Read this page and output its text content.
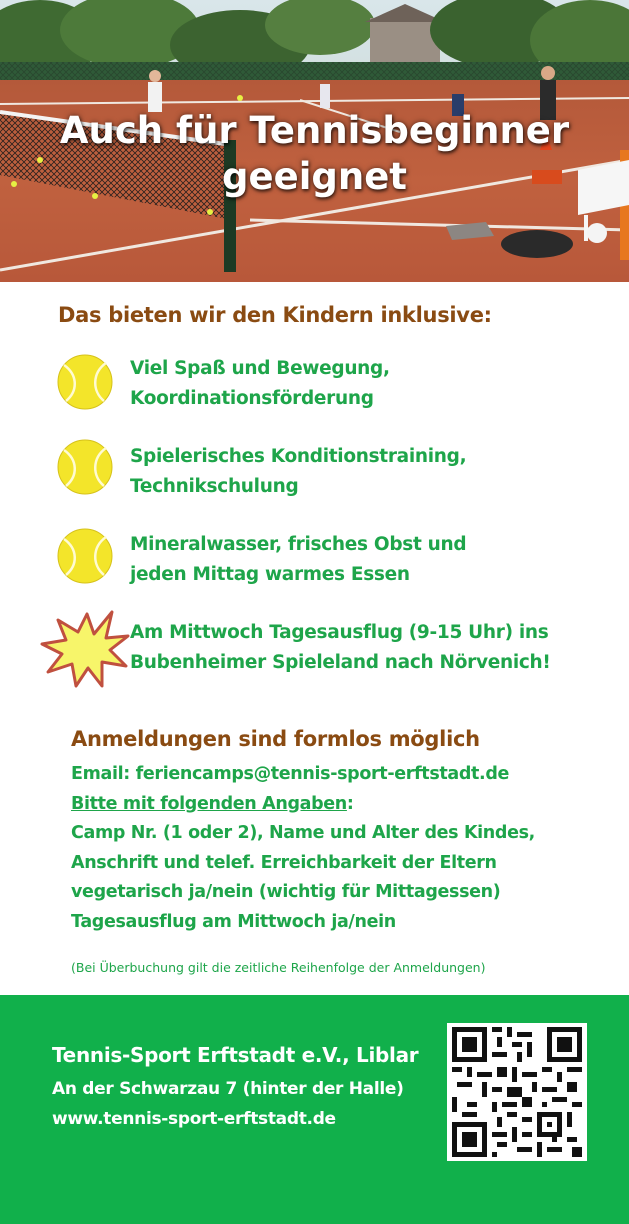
Auch für Tennisbeginner
geeignet
Das bieten wir den Kindern inklusive:
Viel Spaß und Bewegung,
Koordinationsförderung
Spielerisches Konditionstraining,
Technikschulung
Mineralwasser, frisches Obst und
jeden Mittag warmes Essen
Am Mittwoch Tagesausflug (9-15 Uhr) ins
Bubenheimer Spieleland nach Nörvenich!
Anmeldungen sind formlos möglich
Email: feriencamps@tennis-sport-erftstadt.de
Bitte mit folgenden Angaben:
Camp Nr. (1 oder 2), Name und Alter des Kindes,
Anschrift und telef. Erreichbarkeit der Eltern
vegetarisch ja/nein (wichtig für Mittagessen)
Tagesausflug am Mittwoch ja/nein
(Bei Überbuchung gilt die zeitliche Reihenfolge der Anmeldungen)
Tennis-Sport Erftstadt e.V., Liblar
An der Schwarzau 7 (hinter der Halle)
www.tennis-sport-erftstadt.de
